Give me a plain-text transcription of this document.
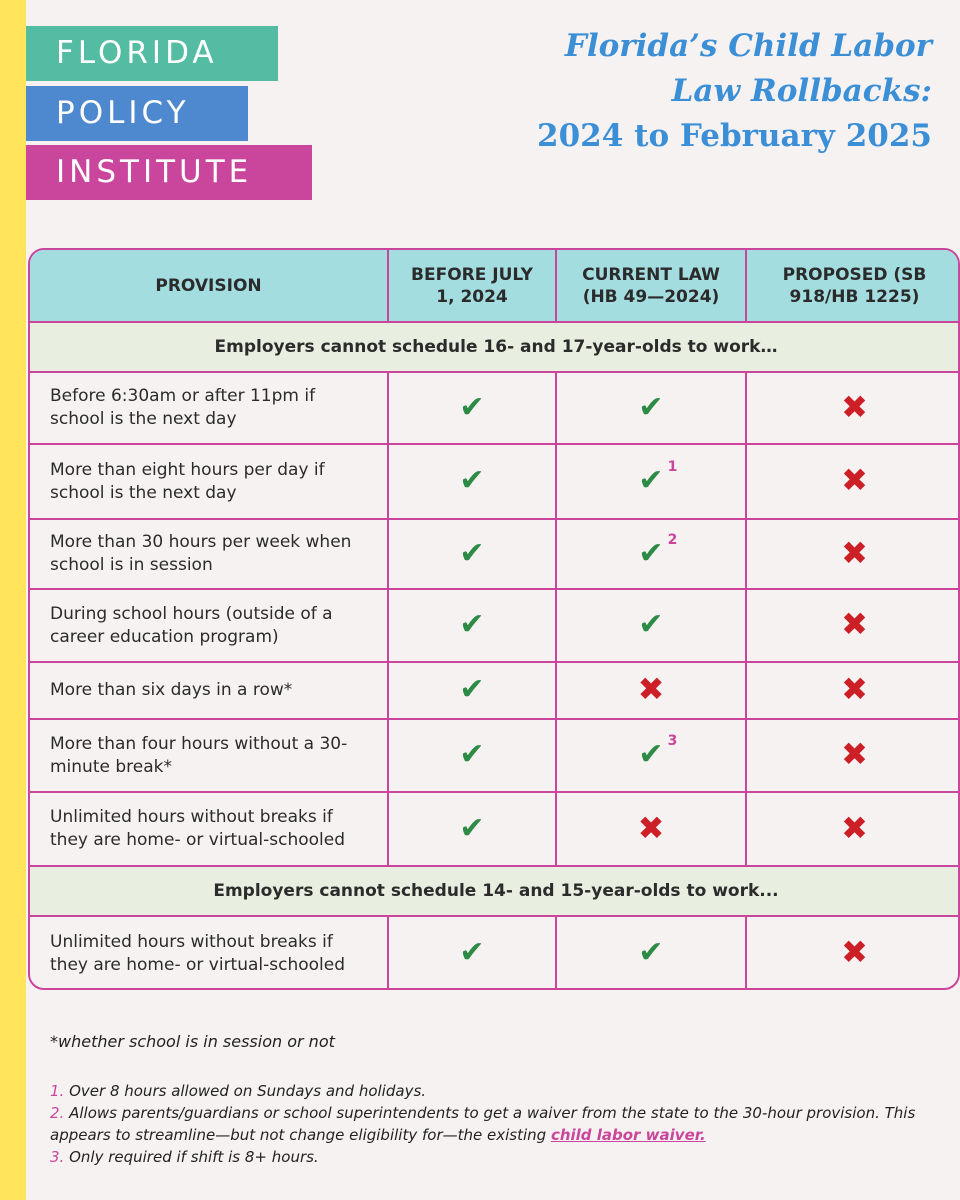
FLORIDA
POLICY
INSTITUTE
Florida’s Child Labor
Law Rollbacks:
2024 to February 2025
PROVISION	BEFORE JULY 1, 2024	CURRENT LAW (HB 49—2024)	PROPOSED (SB 918/HB 1225)
Employers cannot schedule 16- and 17-year-olds to work…			
Before 6:30am or after 11pm if school is the next day	✔	✔	✖
More than eight hours per day if school is the next day	✔	✔ 1	✖
More than 30 hours per week when school is in session	✔	✔ 2	✖
During school hours (outside of a career education program)	✔	✔	✖
More than six days in a row*	✔	✖	✖
More than four hours without a 30-minute break*	✔	✔ 3	✖
Unlimited hours without breaks if they are home- or virtual-schooled	✔	✖	✖
Employers cannot schedule 14- and 15-year-olds to work...			
Unlimited hours without breaks if they are home- or virtual-schooled	✔	✔	✖
*whether school is in session or not
1. Over 8 hours allowed on Sundays and holidays.
2. Allows parents/guardians or school superintendents to get a waiver from the state to the 30-hour provision. This appears to streamline—but not change eligibility for—the existing child labor waiver.
3. Only required if shift is 8+ hours.
